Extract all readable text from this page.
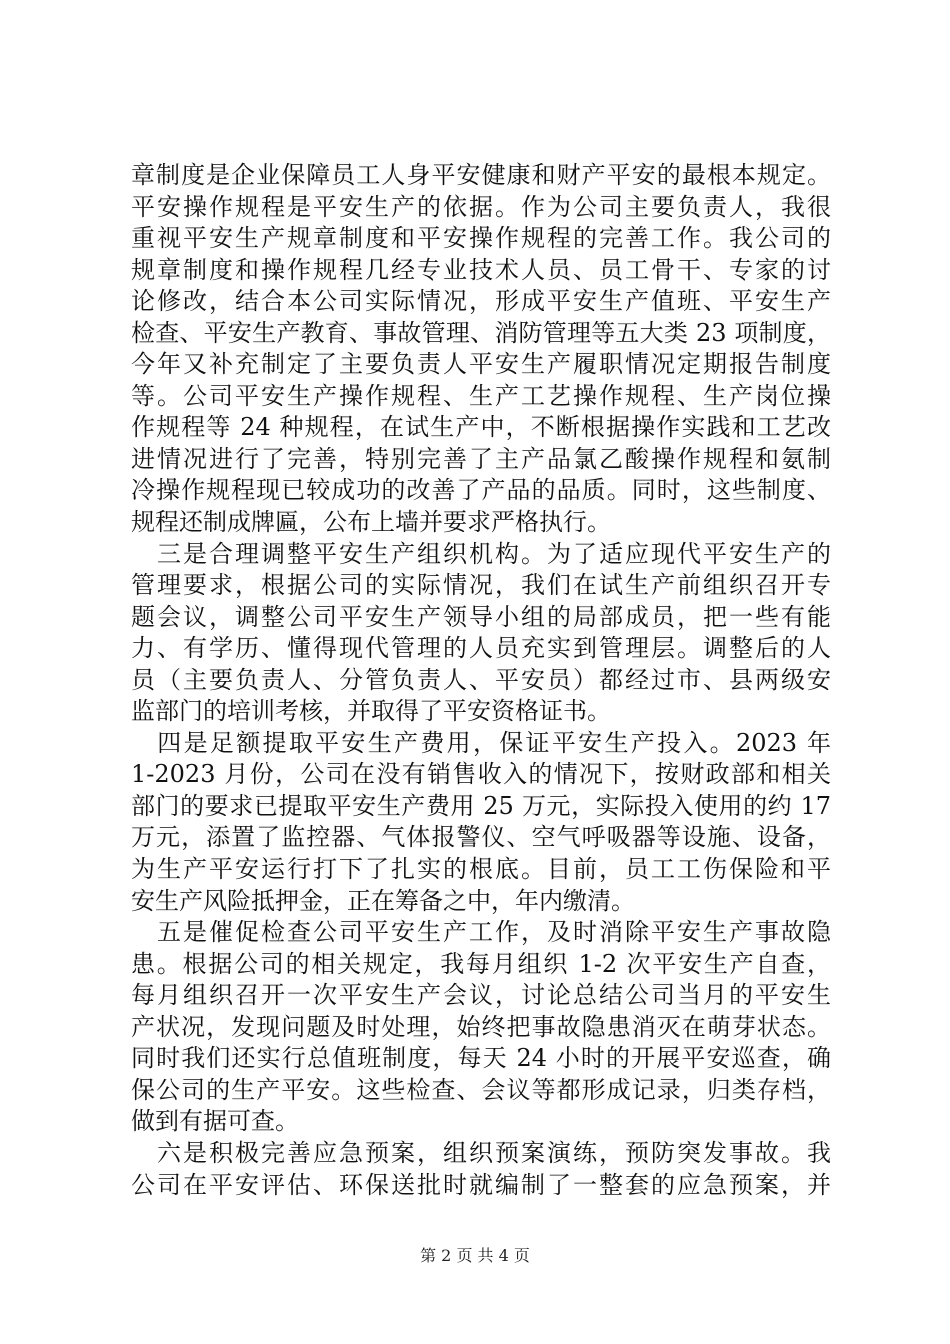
章制度是企业保障员工人身平安健康和财产平安的最根本规定。
平安操作规程是平安生产的依据。作为公司主要负责人，我很
重视平安生产规章制度和平安操作规程的完善工作。我公司的
规章制度和操作规程几经专业技术人员、员工骨干、专家的讨
论修改，结合本公司实际情况，形成平安生产值班、平安生产
检查、平安生产教育、事故管理、消防管理等五大类 23 项制度，
今年又补充制定了主要负责人平安生产履职情况定期报告制度
等。公司平安生产操作规程、生产工艺操作规程、生产岗位操
作规程等 24 种规程，在试生产中，不断根据操作实践和工艺改
进情况进行了完善，特别完善了主产品氯乙酸操作规程和氨制
冷操作规程现已较成功的改善了产品的品质。同时，这些制度、
规程还制成牌匾，公布上墙并要求严格执行。
　三是合理调整平安生产组织机构。为了适应现代平安生产的
管理要求，根据公司的实际情况，我们在试生产前组织召开专
题会议，调整公司平安生产领导小组的局部成员，把一些有能
力、有学历、懂得现代管理的人员充实到管理层。调整后的人
员（主要负责人、分管负责人、平安员）都经过市、县两级安
监部门的培训考核，并取得了平安资格证书。
　四是足额提取平安生产费用，保证平安生产投入。2023 年
1-2023 月份，公司在没有销售收入的情况下，按财政部和相关
部门的要求已提取平安生产费用 25 万元，实际投入使用的约 17
万元，添置了监控器、气体报警仪、空气呼吸器等设施、设备，
为生产平安运行打下了扎实的根底。目前，员工工伤保险和平
安生产风险抵押金，正在筹备之中，年内缴清。
　五是催促检查公司平安生产工作，及时消除平安生产事故隐
患。根据公司的相关规定，我每月组织 1-2 次平安生产自查，
每月组织召开一次平安生产会议，讨论总结公司当月的平安生
产状况，发现问题及时处理，始终把事故隐患消灭在萌芽状态。
同时我们还实行总值班制度，每天 24 小时的开展平安巡查，确
保公司的生产平安。这些检查、会议等都形成记录，归类存档，
做到有据可查。
　六是积极完善应急预案，组织预案演练，预防突发事故。我
公司在平安评估、环保送批时就编制了一整套的应急预案，并
第 2 页 共 4 页
